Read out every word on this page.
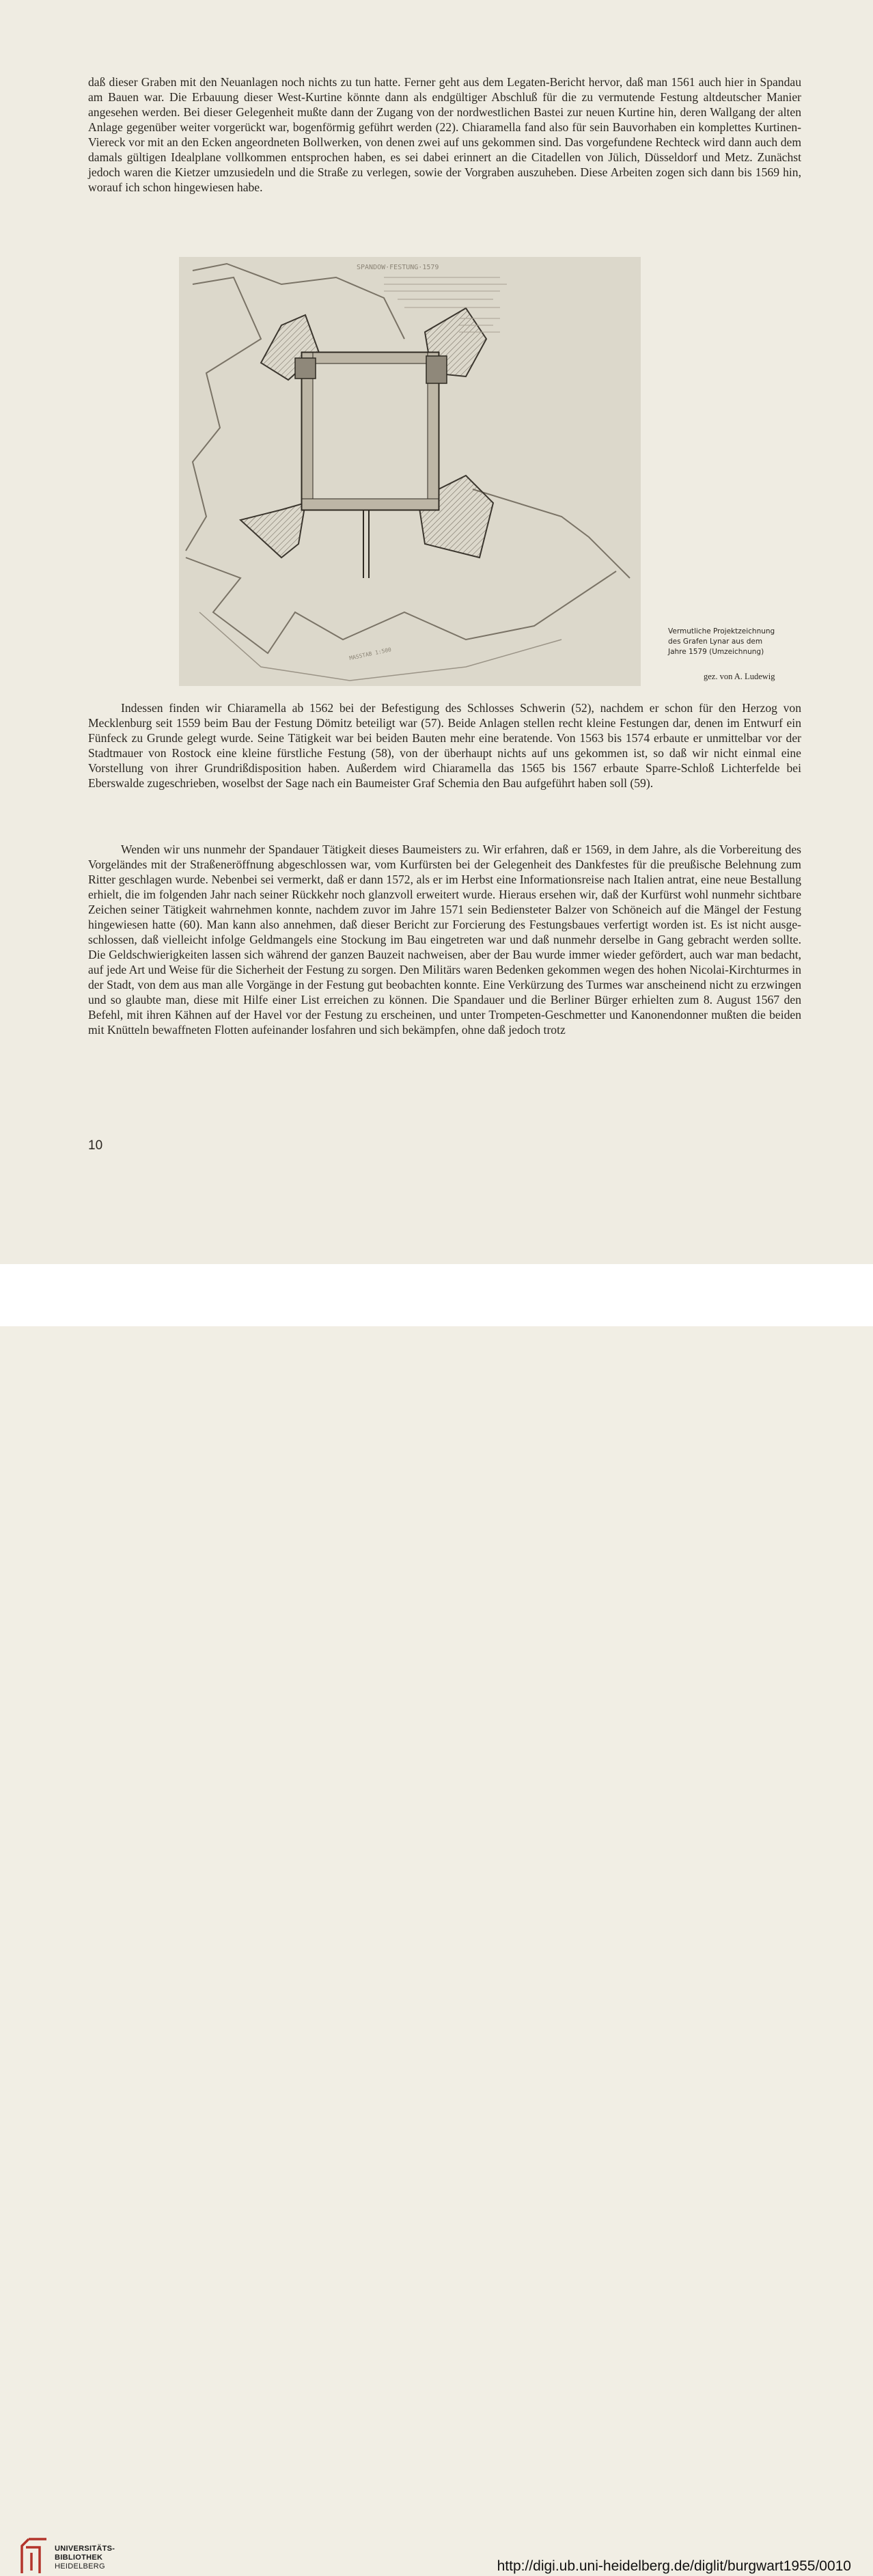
daß dieser Graben mit den Neuanlagen noch nichts zu tun hatte. Ferner geht aus dem Legaten-Bericht hervor, daß man 1561 auch hier in Spandau am Bauen war. Die Erbauung dieser West-Kurtine könnte dann als endgültiger Abschluß für die zu vermutende Festung altdeutscher Manier angesehen werden. Bei dieser Gelegenheit mußte dann der Zugang von der nordwestlichen Bastei zur neuen Kurtine hin, deren Wallgang der alten Anlage gegenüber weiter vorgerückt war, bogenförmig geführt werden (22). Chiaramella fand also für sein Bauvorhaben ein komplettes Kurtinen-Viereck vor mit an den Ecken angeordneten Bollwerken, von denen zwei auf uns gekommen sind. Das vorgefundene Rechteck wird dann auch dem damals gültigen Idealplane vollkommen entsprochen haben, es sei dabei erinnert an die Citadellen von Jülich, Düsseldorf und Metz. Zunächst jedoch waren die Kietzer umzusiedeln und die Straße zu verlegen, sowie der Vorgraben auszuheben. Diese Arbeiten zogen sich dann bis 1569 hin, worauf ich schon hingewiesen habe.

SPANDOW·FESTUNG·1579
MASSTAB 1:500

Vermutliche Projektzeichnung
des Grafen Lynar aus dem
Jahre 1579 (Umzeichnung)

gez. von A. Ludewig

Indessen finden wir Chiaramella ab 1562 bei der Befestigung des Schlosses Schwerin (52), nachdem er schon für den Herzog von Mecklenburg seit 1559 beim Bau der Festung Dömitz beteiligt war (57). Beide Anlagen stellen recht kleine Festungen dar, denen im Entwurf ein Fünfeck zu Grunde gelegt wurde. Seine Tätigkeit war bei beiden Bauten mehr eine beratende. Von 1563 bis 1574 erbaute er unmittelbar vor der Stadtmauer von Rostock eine kleine fürstliche Festung (58), von der überhaupt nichts auf uns gekommen ist, so daß wir nicht einmal eine Vorstellung von ihrer Grundrißdisposition haben. Außerdem wird Chiaramella das 1565 bis 1567 erbaute Sparre-Schloß Lichterfelde bei Eberswalde zugeschrieben, woselbst der Sage nach ein Baumeister Graf Schemia den Bau aufgeführt haben soll (59).

Wenden wir uns nunmehr der Spandauer Tätigkeit dieses Baumeisters zu. Wir erfahren, daß er 1569, in dem Jahre, als die Vorbereitung des Vorgeländes mit der Straßeneröffnung abgeschlossen war, vom Kurfürsten bei der Gelegenheit des Dankfestes für die preußische Belehnung zum Ritter geschlagen wurde. Nebenbei sei vermerkt, daß er dann 1572, als er im Herbst eine Informationsreise nach Italien antrat, eine neue Bestallung erhielt, die im folgenden Jahr nach seiner Rückkehr noch glanzvoll erweitert wurde. Hieraus ersehen wir, daß der Kurfürst wohl nunmehr sichtbare Zeichen seiner Tätigkeit wahrnehmen konnte, nachdem zuvor im Jahre 1571 sein Bediensteter Balzer von Schöneich auf die Mängel der Festung hingewiesen hatte (60). Man kann also annehmen, daß dieser Bericht zur Forcierung des Festungsbaues verfertigt worden ist. Es ist nicht ausgeschlossen, daß vielleicht infolge Geldmangels eine Stockung im Bau eingetreten war und daß nunmehr derselbe in Gang gebracht werden sollte. Die Geldschwierigkeiten lassen sich während der ganzen Bauzeit nachweisen, aber der Bau wurde immer wieder gefördert, auch war man bedacht, auf jede Art und Weise für die Sicherheit der Festung zu sorgen. Den Militärs waren Bedenken gekommen wegen des hohen Nicolai-Kirchturmes in der Stadt, von dem aus man alle Vorgänge in der Festung gut beobachten konnte. Eine Verkürzung des Turmes war anscheinend nicht zu erzwingen und so glaubte man, diese mit Hilfe einer List erreichen zu können. Die Spandauer und die Berliner Bürger erhielten zum 8. August 1567 den Befehl, mit ihren Kähnen auf der Havel vor der Festung zu erscheinen, und unter Trompeten-Geschmetter und Kanonendonner mußten die beiden mit Knütteln bewaffneten Flotten aufeinander losfahren und sich bekämpfen, ohne daß jedoch trotz

10
UNIVERSITÄTS-
BIBLIOTHEK
HEIDELBERG	http://digi.ub.uni-heidelberg.de/diglit/burgwart1955/0010
